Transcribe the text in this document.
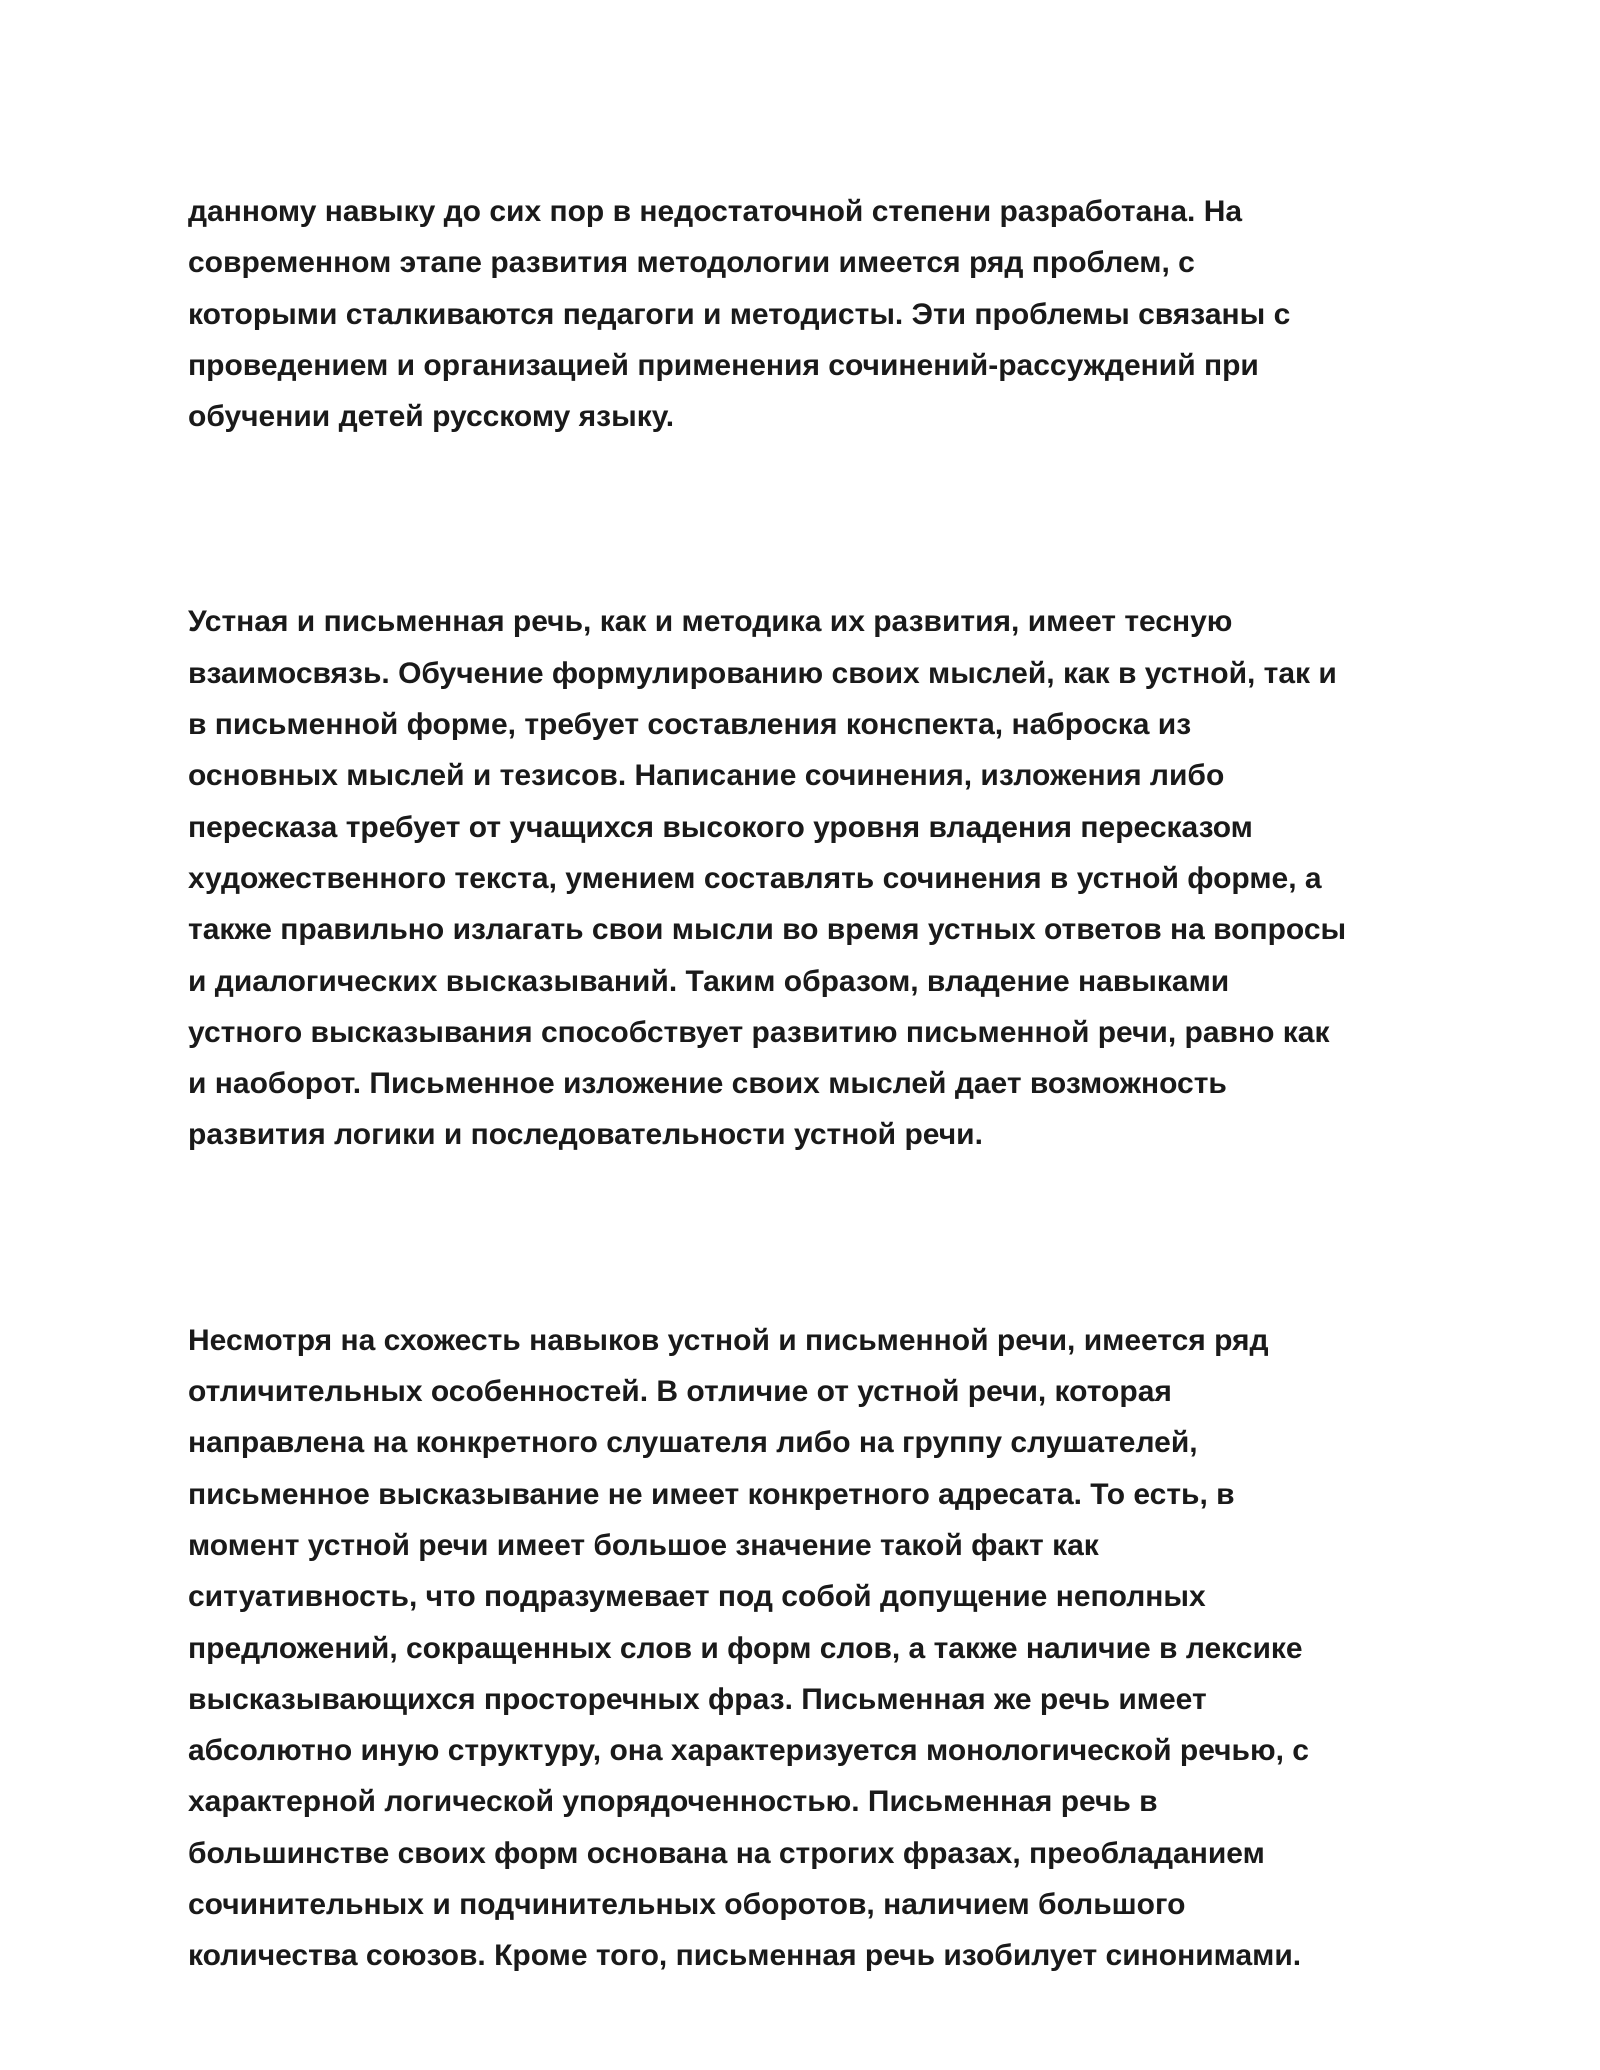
данному навыку до сих пор в недостаточной степени разработана. На
современном этапе развития методологии имеется ряд проблем, с
которыми сталкиваются педагоги и методисты. Эти проблемы связаны с
проведением и организацией применения сочинений-рассуждений при
обучении детей русскому языку.

Устная и письменная речь, как и методика их развития, имеет тесную
взаимосвязь. Обучение формулированию своих мыслей, как в устной, так и
в письменной форме, требует составления конспекта, наброска из
основных мыслей и тезисов. Написание сочинения, изложения либо
пересказа требует от учащихся высокого уровня владения пересказом
художественного текста, умением составлять сочинения в устной форме, а
также правильно излагать свои мысли во время устных ответов на вопросы
и диалогических высказываний. Таким образом, владение навыками
устного высказывания способствует развитию письменной речи, равно как
и наоборот. Письменное изложение своих мыслей дает возможность
развития логики и последовательности устной речи.

Несмотря на схожесть навыков устной и письменной речи, имеется ряд
отличительных особенностей. В отличие от устной речи, которая
направлена на конкретного слушателя либо на группу слушателей,
письменное высказывание не имеет конкретного адресата. То есть, в
момент устной речи имеет большое значение такой факт как
ситуативность, что подразумевает под собой допущение неполных
предложений, сокращенных слов и форм слов, а также наличие в лексике
высказывающихся просторечных фраз. Письменная же речь имеет
абсолютно иную структуру, она характеризуется монологической речью, с
характерной логической упорядоченностью. Письменная речь в
большинстве своих форм основана на строгих фразах, преобладанием
сочинительных и подчинительных оборотов, наличием большого
количества союзов. Кроме того, письменная речь изобилует синонимами.
